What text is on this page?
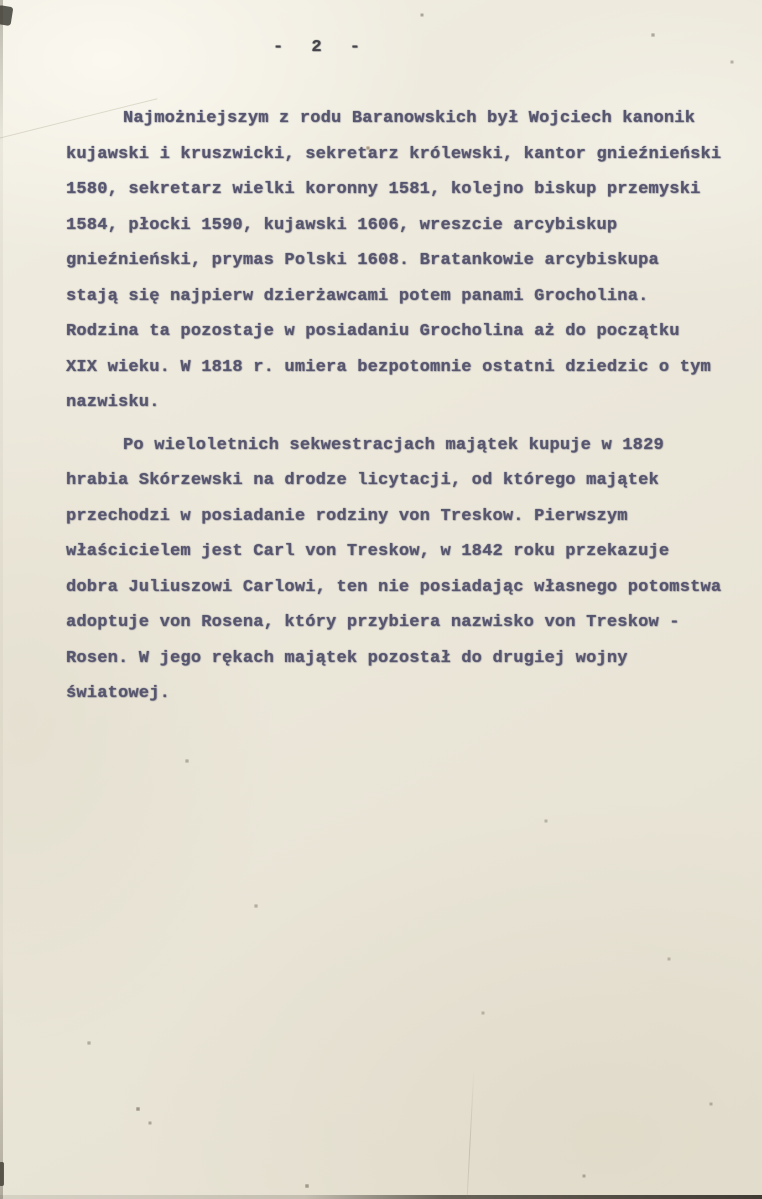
- 2 -
Najmożniejszym z rodu Baranowskich był Wojciech kanonik
kujawski i kruszwicki, sekretarz królewski, kantor gnieźnieński
1580, sekretarz wielki koronny 1581, kolejno biskup przemyski
1584, płocki 1590, kujawski 1606, wreszcie arcybiskup
gnieźnieński, prymas Polski 1608. Bratankowie arcybiskupa
stają się najpierw dzierżawcami potem panami Grocholina.
Rodzina ta pozostaje w posiadaniu Grocholina aż do początku
XIX wieku. W 1818 r. umiera bezpotomnie ostatni dziedzic o tym
nazwisku.
Po wieloletnich sekwestracjach majątek kupuje w 1829
hrabia Skórzewski na drodze licytacji, od którego majątek
przechodzi w posiadanie rodziny von Treskow. Pierwszym
właścicielem jest Carl von Treskow, w 1842 roku przekazuje
dobra Juliuszowi Carlowi, ten nie posiadając własnego potomstwa
adoptuje von Rosena, który przybiera nazwisko von Treskow -
Rosen. W jego rękach majątek pozostał do drugiej wojny
światowej.
